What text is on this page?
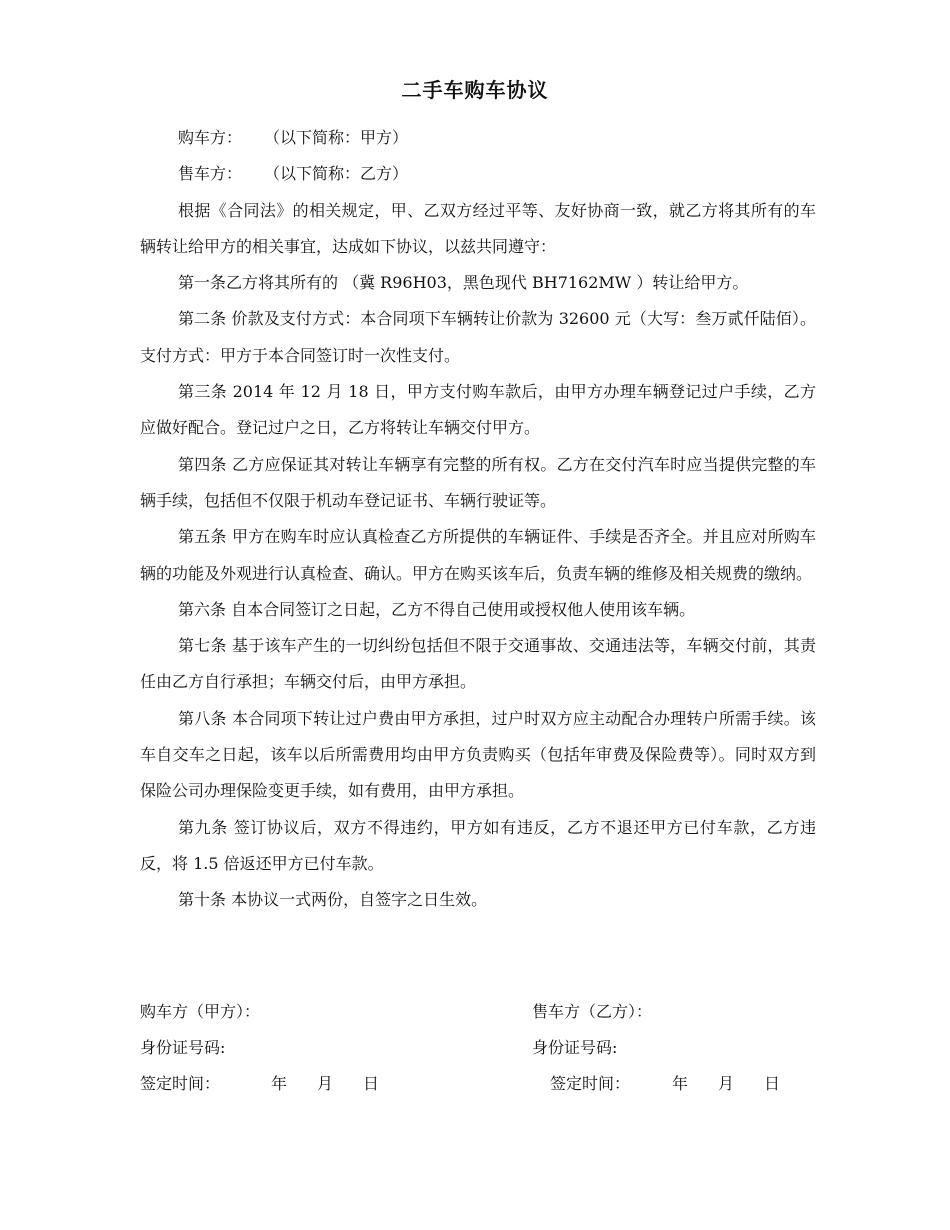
二手车购车协议

购车方： （以下简称：甲方）

售车方： （以下简称：乙方）

根据《合同法》的相关规定，甲、乙双方经过平等、友好协商一致，就乙方将其所有的车辆转让给甲方的相关事宜，达成如下协议，以兹共同遵守：

第一条乙方将其所有的 （冀 R96H03，黑色现代 BH7162MW ）转让给甲方。

第二条 价款及支付方式：本合同项下车辆转让价款为 32600 元（大写：叁万贰仟陆佰）。支付方式：甲方于本合同签订时一次性支付。

第三条 2014 年 12 月 18 日，甲方支付购车款后，由甲方办理车辆登记过户手续，乙方应做好配合。登记过户之日，乙方将转让车辆交付甲方。

第四条 乙方应保证其对转让车辆享有完整的所有权。乙方在交付汽车时应当提供完整的车辆手续，包括但不仅限于机动车登记证书、车辆行驶证等。

第五条 甲方在购车时应认真检查乙方所提供的车辆证件、手续是否齐全。并且应对所购车辆的功能及外观进行认真检查、确认。甲方在购买该车后，负责车辆的维修及相关规费的缴纳。

第六条 自本合同签订之日起，乙方不得自己使用或授权他人使用该车辆。

第七条 基于该车产生的一切纠纷包括但不限于交通事故、交通违法等，车辆交付前，其责任由乙方自行承担；车辆交付后，由甲方承担。

第八条 本合同项下转让过户费由甲方承担，过户时双方应主动配合办理转户所需手续。该车自交车之日起，该车以后所需费用均由甲方负责购买（包括年审费及保险费等）。同时双方到保险公司办理保险变更手续，如有费用，由甲方承担。

第九条 签订协议后，双方不得违约，甲方如有违反，乙方不退还甲方已付车款，乙方违反，将 1.5 倍返还甲方已付车款。

第十条 本协议一式两份，自签字之日生效。

购车方（甲方）：
身份证号码:
签定时间：	年 月 日
售车方（乙方）：
身份证号码:
签定时间：	年 月 日
